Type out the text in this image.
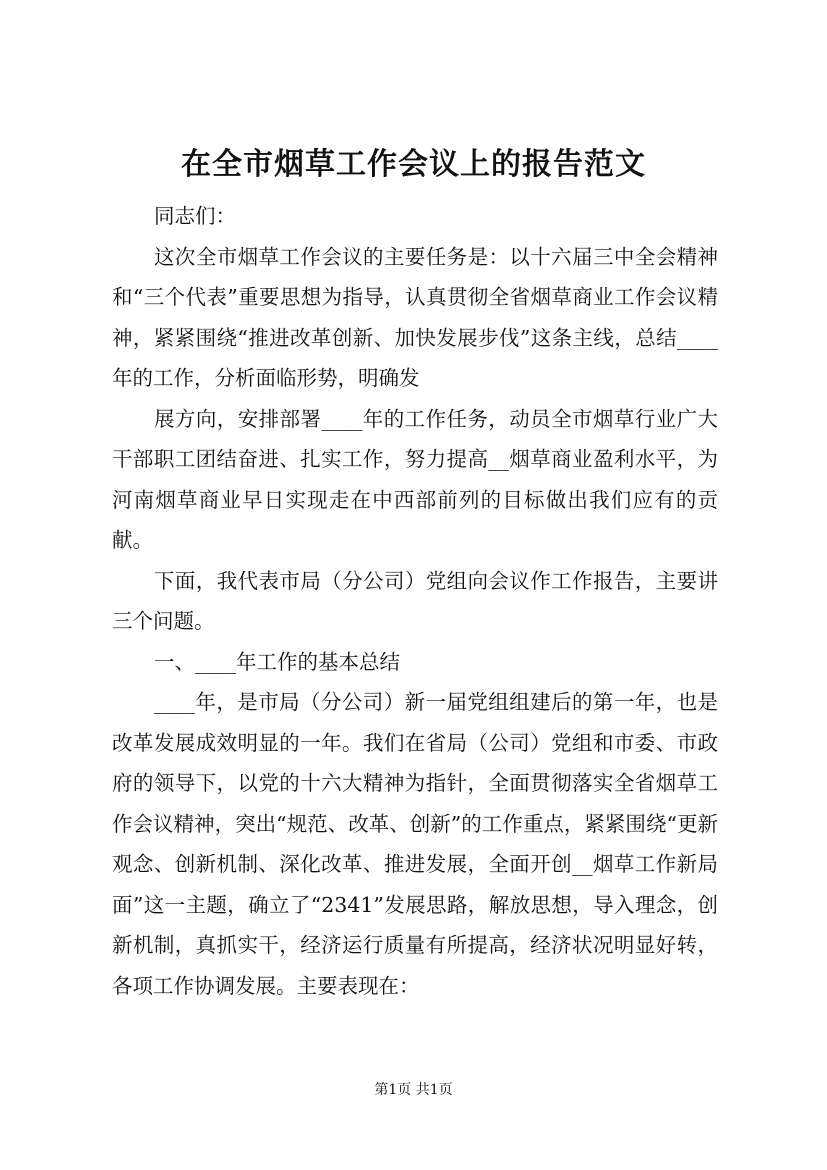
在全市烟草工作会议上的报告范文

同志们：

这次全市烟草工作会议的主要任务是：以十六届三中全会精神和“三个代表”重要思想为指导，认真贯彻全省烟草商业工作会议精神，紧紧围绕“推进改革创新、加快发展步伐”这条主线，总结____年的工作，分析面临形势，明确发

展方向，安排部署____年的工作任务，动员全市烟草行业广大干部职工团结奋进、扎实工作，努力提高__烟草商业盈利水平，为河南烟草商业早日实现走在中西部前列的目标做出我们应有的贡献。

下面，我代表市局（分公司）党组向会议作工作报告，主要讲三个问题。

一、____年工作的基本总结

____年，是市局（分公司）新一届党组组建后的第一年，也是改革发展成效明显的一年。我们在省局（公司）党组和市委、市政府的领导下，以党的十六大精神为指针，全面贯彻落实全省烟草工作会议精神，突出“规范、改革、创新”的工作重点，紧紧围绕“更新观念、创新机制、深化改革、推进发展，全面开创__烟草工作新局面”这一主题，确立了“2341”发展思路，解放思想，导入理念，创新机制，真抓实干，经济运行质量有所提高，经济状况明显好转，各项工作协调发展。主要表现在：

第1页 共1页
